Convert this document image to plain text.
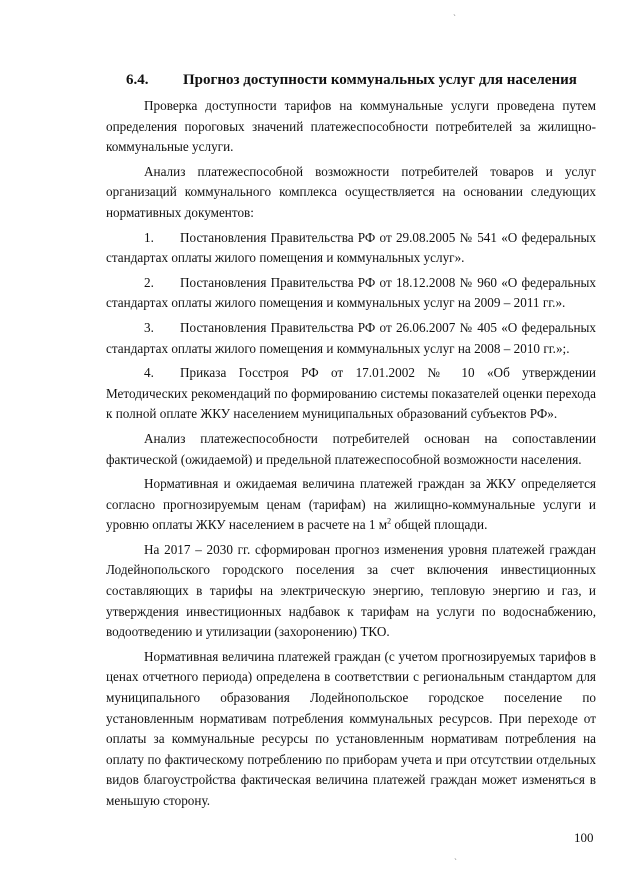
ˋ
6.4. Прогноз доступности коммунальных услуг для населения

Проверка доступности тарифов на коммунальные услуги проведена путем определения пороговых значений платежеспособности потребителей за жилищно-коммунальные услуги.

Анализ платежеспособной возможности потребителей товаров и услуг организаций коммунального комплекса осуществляется на основании следующих нормативных документов:

1. Постановления Правительства РФ от 29.08.2005 № 541 «О федеральных стандартах оплаты жилого помещения и коммунальных услуг».

2. Постановления Правительства РФ от 18.12.2008 № 960 «О федеральных стандартах оплаты жилого помещения и коммунальных услуг на 2009 – 2011 гг.».

3. Постановления Правительства РФ от 26.06.2007 № 405 «О федеральных стандартах оплаты жилого помещения и коммунальных услуг на 2008 – 2010 гг.»;.

4. Приказа Госстроя РФ от 17.01.2002 № 10 «Об утверждении Методических рекомендаций по формированию системы показателей оценки перехода к полной оплате ЖКУ населением муниципальных образований субъектов РФ».

Анализ платежеспособности потребителей основан на сопоставлении фактической (ожидаемой) и предельной платежеспособной возможности населения.

Нормативная и ожидаемая величина платежей граждан за ЖКУ определяется согласно прогнозируемым ценам (тарифам) на жилищно-коммунальные услуги и уровню оплаты ЖКУ населением в расчете на 1 $м^2$ общей площади.

На 2017 – 2030 гг. сформирован прогноз изменения уровня платежей граждан Лодейнопольского городского поселения за счет включения инвестиционных составляющих в тарифы на электрическую энергию, тепловую энергию и газ, и утверждения инвестиционных надбавок к тарифам на услуги по водоснабжению, водоотведению и утилизации (захоронению) ТКО.

Нормативная величина платежей граждан (с учетом прогнозируемых тарифов в ценах отчетного периода) определена в соответствии с региональным стандартом для муниципального образования Лодейнопольское городское поселение по установленным нормативам потребления коммунальных ресурсов. При переходе от оплаты за коммунальные ресурсы по установленным нормативам потребления на оплату по фактическому потреблению по приборам учета и при отсутствии отдельных видов благоустройства фактическая величина платежей граждан может изменяться в меньшую сторону.

100
ˋ
